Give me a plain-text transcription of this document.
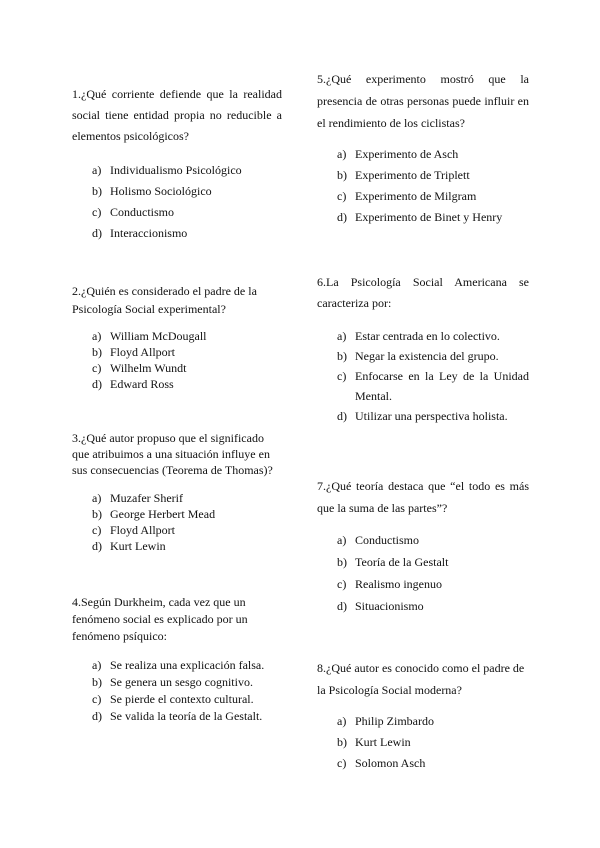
1.¿Qué corriente defiende que la realidad social tiene entidad propia no reducible a elementos psicológicos?
a) Individualismo Psicológico
b) Holismo Sociológico
c) Conductismo
d) Interaccionismo
2.¿Quién es considerado el padre de la Psicología Social experimental?
a) William McDougall
b) Floyd Allport
c) Wilhelm Wundt
d) Edward Ross
3.¿Qué autor propuso que el significado que atribuimos a una situación influye en sus consecuencias (Teorema de Thomas)?
a) Muzafer Sherif
b) George Herbert Mead
c) Floyd Allport
d) Kurt Lewin
4.Según Durkheim, cada vez que un fenómeno social es explicado por un fenómeno psíquico:
a) Se realiza una explicación falsa.
b) Se genera un sesgo cognitivo.
c) Se pierde el contexto cultural.
d) Se valida la teoría de la Gestalt.
5.¿Qué experimento mostró que la presencia de otras personas puede influir en el rendimiento de los ciclistas?
a) Experimento de Asch
b) Experimento de Triplett
c) Experimento de Milgram
d) Experimento de Binet y Henry
6.La Psicología Social Americana se caracteriza por:
a) Estar centrada en lo colectivo.
b) Negar la existencia del grupo.
c) Enfocarse en la Ley de la Unidad Mental.
d) Utilizar una perspectiva holista.
7.¿Qué teoría destaca que “el todo es más que la suma de las partes”?
a) Conductismo
b) Teoría de la Gestalt
c) Realismo ingenuo
d) Situacionismo
8.¿Qué autor es conocido como el padre de la Psicología Social moderna?
a) Philip Zimbardo
b) Kurt Lewin
c) Solomon Asch
